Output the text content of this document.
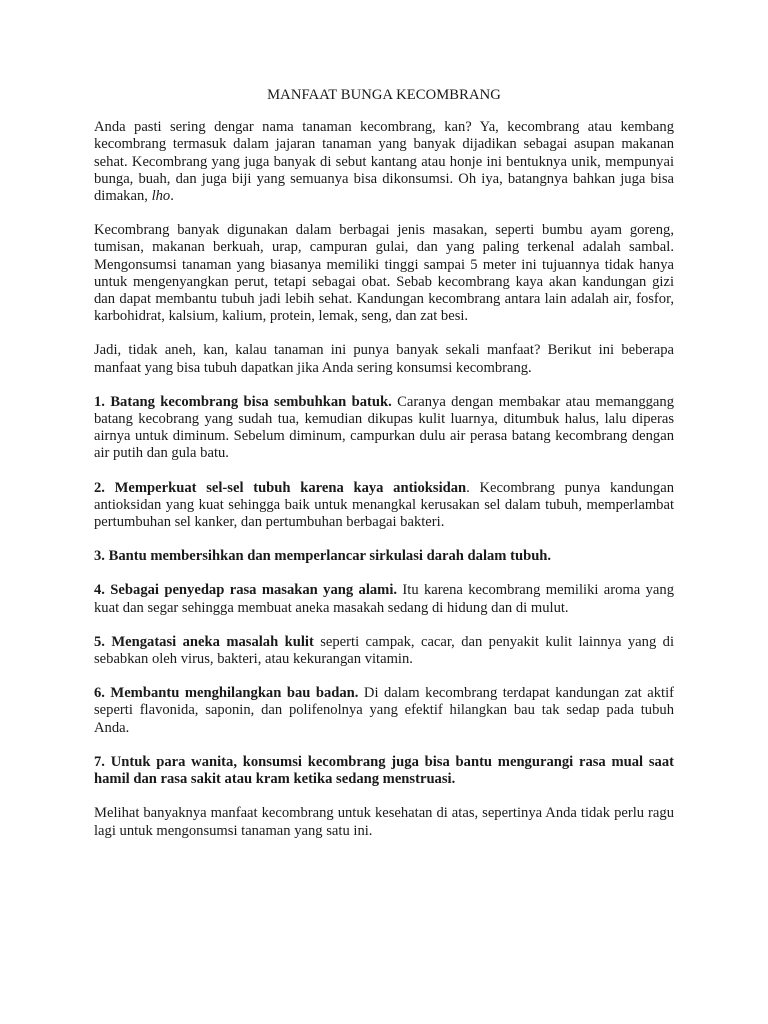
MANFAAT BUNGA KECOMBRANG

Anda pasti sering dengar nama tanaman kecombrang, kan? Ya, kecombrang atau kembang kecombrang termasuk dalam jajaran tanaman yang banyak dijadikan sebagai asupan makanan sehat. Kecombrang yang juga banyak di sebut kantang atau honje ini bentuknya unik, mempunyai bunga, buah, dan juga biji yang semuanya bisa dikonsumsi. Oh iya, batangnya bahkan juga bisa dimakan, lho.

Kecombrang banyak digunakan dalam berbagai jenis masakan, seperti bumbu ayam goreng, tumisan, makanan berkuah, urap, campuran gulai, dan yang paling terkenal adalah sambal. Mengonsumsi tanaman yang biasanya memiliki tinggi sampai 5 meter ini tujuannya tidak hanya untuk mengenyangkan perut, tetapi sebagai obat. Sebab kecombrang kaya akan kandungan gizi dan dapat membantu tubuh jadi lebih sehat. Kandungan kecombrang antara lain adalah air, fosfor, karbohidrat, kalsium, kalium, protein, lemak, seng, dan zat besi.

Jadi, tidak aneh, kan, kalau tanaman ini punya banyak sekali manfaat? Berikut ini beberapa manfaat yang bisa tubuh dapatkan jika Anda sering konsumsi kecombrang.

1. Batang kecombrang bisa sembuhkan batuk. Caranya dengan membakar atau memanggang batang kecobrang yang sudah tua, kemudian dikupas kulit luarnya, ditumbuk halus, lalu diperas airnya untuk diminum. Sebelum diminum, campurkan dulu air perasa batang kecombrang dengan air putih dan gula batu.

2. Memperkuat sel-sel tubuh karena kaya antioksidan. Kecombrang punya kandungan antioksidan yang kuat sehingga baik untuk menangkal kerusakan sel dalam tubuh, memperlambat pertumbuhan sel kanker, dan pertumbuhan berbagai bakteri.

3. Bantu membersihkan dan memperlancar sirkulasi darah dalam tubuh.

4. Sebagai penyedap rasa masakan yang alami. Itu karena kecombrang memiliki aroma yang kuat dan segar sehingga membuat aneka masakah sedang di hidung dan di mulut.

5. Mengatasi aneka masalah kulit seperti campak, cacar, dan penyakit kulit lainnya yang di sebabkan oleh virus, bakteri, atau kekurangan vitamin.

6. Membantu menghilangkan bau badan. Di dalam kecombrang terdapat kandungan zat aktif seperti flavonida, saponin, dan polifenolnya yang efektif hilangkan bau tak sedap pada tubuh Anda.

7. Untuk para wanita, konsumsi kecombrang juga bisa bantu mengurangi rasa mual saat hamil dan rasa sakit atau kram ketika sedang menstruasi.

Melihat banyaknya manfaat kecombrang untuk kesehatan di atas, sepertinya Anda tidak perlu ragu lagi untuk mengonsumsi tanaman yang satu ini.
